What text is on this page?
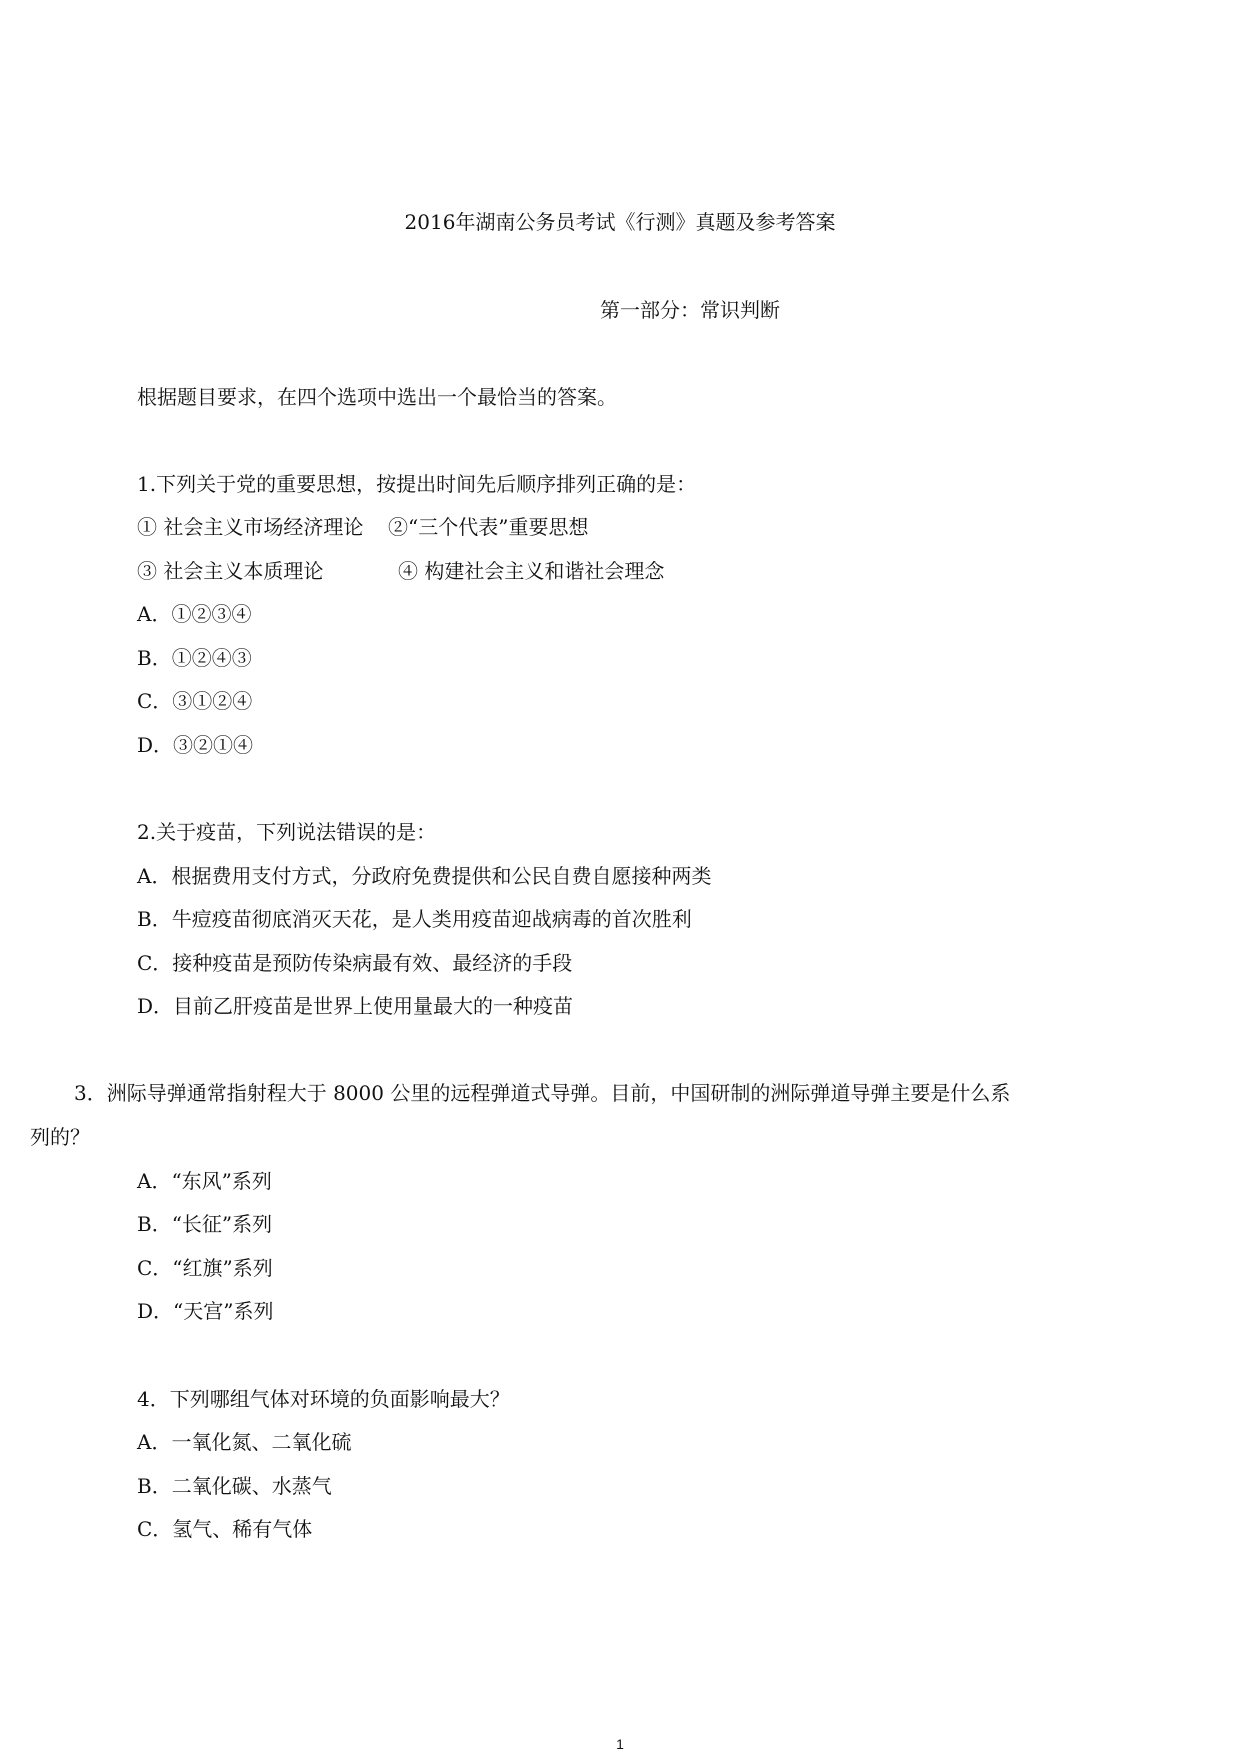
2016年湖南公务员考试《行测》真题及参考答案
第一部分：常识判断
根据题目要求，在四个选项中选出一个最恰当的答案。
1.下列关于党的重要思想，按提出时间先后顺序排列正确的是：
① 社会主义市场经济理论 ②“三个代表”重要思想
③ 社会主义本质理论	④ 构建社会主义和谐社会理念
A．①②③④
B．①②④③
C．③①②④
D．③②①④
2.关于疫苗，下列说法错误的是：
A．根据费用支付方式，分政府免费提供和公民自费自愿接种两类
B．牛痘疫苗彻底消灭天花，是人类用疫苗迎战病毒的首次胜利
C．接种疫苗是预防传染病最有效、最经济的手段
D．目前乙肝疫苗是世界上使用量最大的一种疫苗
3．洲际导弹通常指射程大于 8000 公里的远程弹道式导弹。目前，中国研制的洲际弹道导弹主要是什么系
列的？
A．“东风”系列
B．“长征”系列
C．“红旗”系列
D．“天宫”系列
4．下列哪组气体对环境的负面影响最大？
A．一氧化氮、二氧化硫
B．二氧化碳、水蒸气
C．氢气、稀有气体
1
